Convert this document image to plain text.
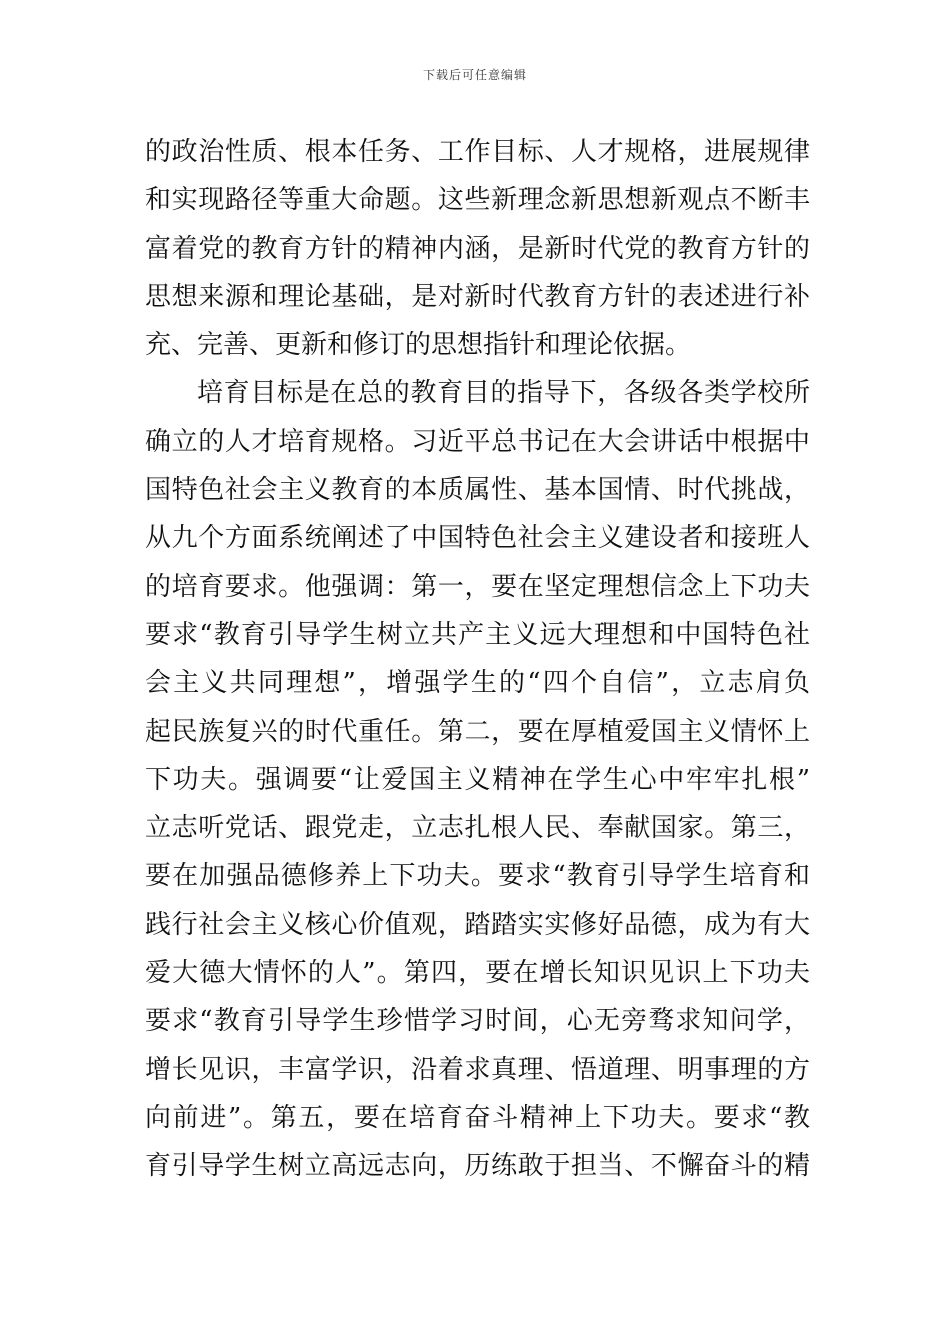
下载后可任意编辑
的政治性质、根本任务、工作目标、人才规格，进展规律
和实现路径等重大命题。这些新理念新思想新观点不断丰
富着党的教育方针的精神内涵，是新时代党的教育方针的
思想来源和理论基础，是对新时代教育方针的表述进行补
充、完善、更新和修订的思想指针和理论依据。
培育目标是在总的教育目的指导下，各级各类学校所
确立的人才培育规格。习近平总书记在大会讲话中根据中
国特色社会主义教育的本质属性、基本国情、时代挑战，
从九个方面系统阐述了中国特色社会主义建设者和接班人
的培育要求。他强调：第一，要在坚定理想信念上下功夫
要求“教育引导学生树立共产主义远大理想和中国特色社
会主义共同理想”，增强学生的“四个自信”，立志肩负
起民族复兴的时代重任。第二，要在厚植爱国主义情怀上
下功夫。强调要“让爱国主义精神在学生心中牢牢扎根”
立志听党话、跟党走，立志扎根人民、奉献国家。第三，
要在加强品德修养上下功夫。要求“教育引导学生培育和
践行社会主义核心价值观，踏踏实实修好品德，成为有大
爱大德大情怀的人”。第四，要在增长知识见识上下功夫
要求“教育引导学生珍惜学习时间，心无旁骛求知问学，
增长见识，丰富学识，沿着求真理、悟道理、明事理的方
向前进”。第五，要在培育奋斗精神上下功夫。要求“教
育引导学生树立高远志向，历练敢于担当、不懈奋斗的精
